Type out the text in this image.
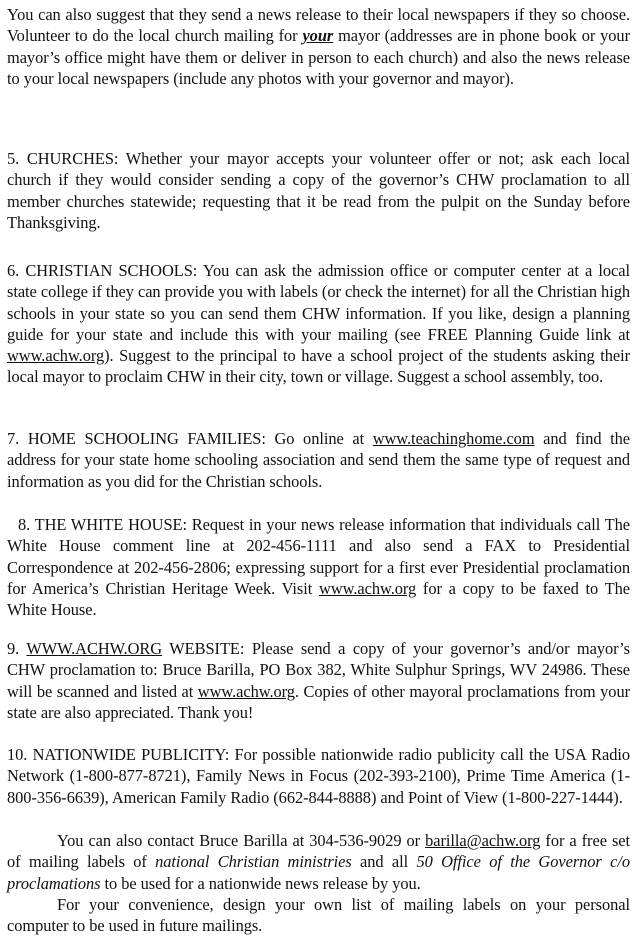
You can also suggest that they send a news release to their local newspapers if they so choose. Volunteer to do the local church mailing for your mayor (addresses are in phone book or your mayor’s office might have them or deliver in person to each church) and also the news release to your local newspapers (include any photos with your governor and mayor).

5. CHURCHES: Whether your mayor accepts your volunteer offer or not; ask each local church if they would consider sending a copy of the governor’s CHW proclamation to all member churches statewide; requesting that it be read from the pulpit on the Sunday before Thanksgiving.

6. CHRISTIAN SCHOOLS: You can ask the admission office or computer center at a local state college if they can provide you with labels (or check the internet) for all the Christian high schools in your state so you can send them CHW information. If you like, design a planning guide for your state and include this with your mailing (see FREE Planning Guide link at www.achw.org). Suggest to the principal to have a school project of the students asking their local mayor to proclaim CHW in their city, town or village. Suggest a school assembly, too.

7. HOME SCHOOLING FAMILIES: Go online at www.teachinghome.com and find the address for your state home schooling association and send them the same type of request and information as you did for the Christian schools.

8. THE WHITE HOUSE: Request in your news release information that individuals call The White House comment line at 202-456-1111 and also send a FAX to Presidential Correspondence at 202-456-2806; expressing support for a first ever Presidential proclamation for America’s Christian Heritage Week. Visit www.achw.org for a copy to be faxed to The White House.

9. WWW.ACHW.ORG WEBSITE: Please send a copy of your governor’s and/or mayor’s CHW proclamation to: Bruce Barilla, PO Box 382, White Sulphur Springs, WV 24986. These will be scanned and listed at www.achw.org. Copies of other mayoral proclamations from your state are also appreciated. Thank you!

10. NATIONWIDE PUBLICITY: For possible nationwide radio publicity call the USA Radio Network (1-800-877-8721), Family News in Focus (202-393-2100), Prime Time America (1-800-356-6639), American Family Radio (662-844-8888) and Point of View (1-800-227-1444).

You can also contact Bruce Barilla at 304-536-9029 or barilla@achw.org for a free set of mailing labels of national Christian ministries and all 50 Office of the Governor c/o proclamations to be used for a nationwide news release by you.

For your convenience, design your own list of mailing labels on your personal computer to be used in future mailings.
